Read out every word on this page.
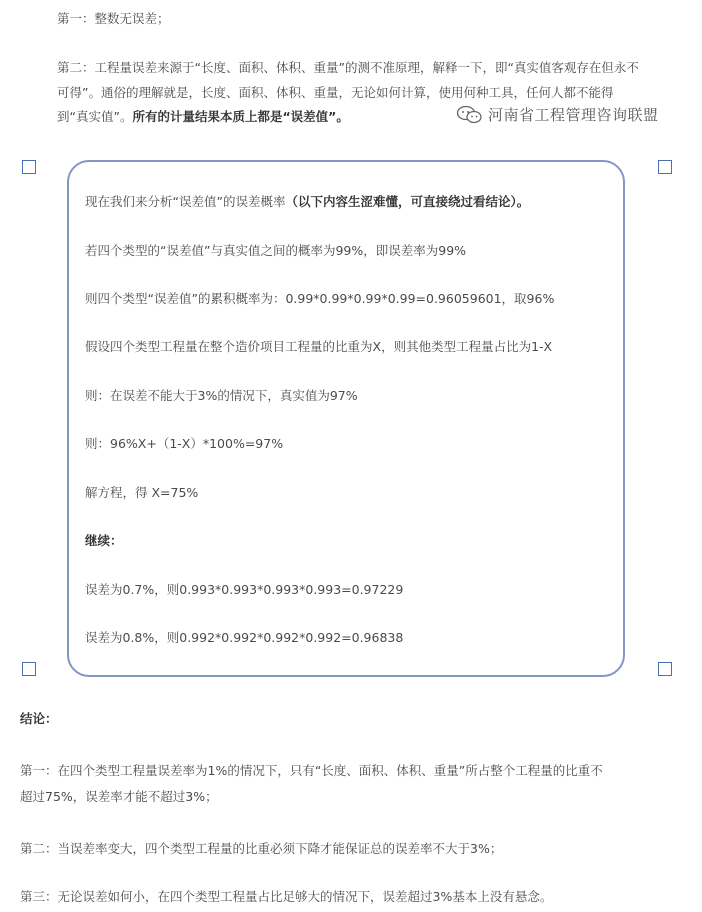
第一：整数无误差；

第二：工程量误差来源于“长度、面积、体积、重量”的测不准原理，解释一下，即“真实值客观存在但永不

可得”。通俗的理解就是，长度、面积、体积、重量，无论如何计算，使用何种工具，任何人都不能得

到“真实值”。所有的计量结果本质上都是“误差值”。	河南省工程管理咨询联盟

现在我们来分析“误差值”的误差概率（以下内容生涩难懂，可直接绕过看结论）。

若四个类型的“误差值”与真实值之间的概率为99%，即误差率为99%

则四个类型“误差值”的累积概率为：0.99*0.99*0.99*0.99=0.96059601，取96%

假设四个类型工程量在整个造价项目工程量的比重为X，则其他类型工程量占比为1-X

则：在误差不能大于3%的情况下，真实值为97%

则：96%X+（1-X）*100%=97%

解方程，得 X=75%

继续：

误差为0.7%，则0.993*0.993*0.993*0.993=0.97229

误差为0.8%，则0.992*0.992*0.992*0.992=0.96838

结论：

第一：在四个类型工程量误差率为1%的情况下，只有“长度、面积、体积、重量”所占整个工程量的比重不

超过75%，误差率才能不超过3%；

第二：当误差率变大，四个类型工程量的比重必须下降才能保证总的误差率不大于3%；

第三：无论误差如何小，在四个类型工程量占比足够大的情况下，误差超过3%基本上没有悬念。
